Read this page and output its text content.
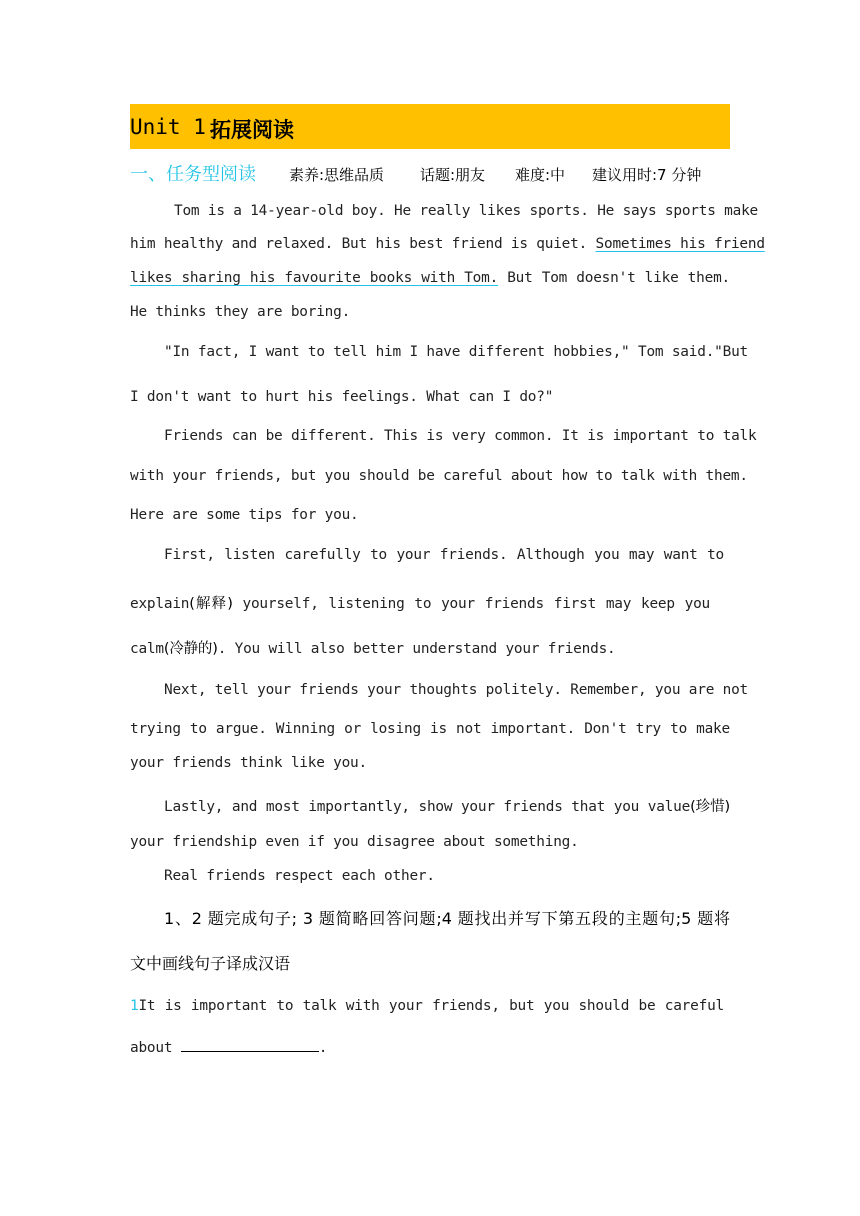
Unit 1 拓展阅读
一、任务型阅读 素养:思维品质 话题:朋友 难度:中 建议用时:7 分钟
Tom is a 14-year-old boy. He really likes sports. He says sports make
him healthy and relaxed. But his best friend is quiet. Sometimes his friend
likes sharing his favourite books with Tom. But Tom doesn't like them.
He thinks they are boring.
"In fact, I want to tell him I have different hobbies," Tom said."But
I don't want to hurt his feelings. What can I do?"
Friends can be different. This is very common. It is important to talk
with your friends, but you should be careful about how to talk with them.
Here are some tips for you.
First, listen carefully to your friends. Although you may want to
explain(解释) yourself, listening to your friends first may keep you
calm(冷静的). You will also better understand your friends.
Next, tell your friends your thoughts politely. Remember, you are not
trying to argue. Winning or losing is not important. Don't try to make
your friends think like you.
Lastly, and most importantly, show your friends that you value(珍惜)
your friendship even if you disagree about something.
Real friends respect each other.
1、2 题完成句子; 3 题简略回答问题;4 题找出并写下第五段的主题句;5 题将
文中画线句子译成汉语
1It is important to talk with your friends, but you should be careful
about	.
